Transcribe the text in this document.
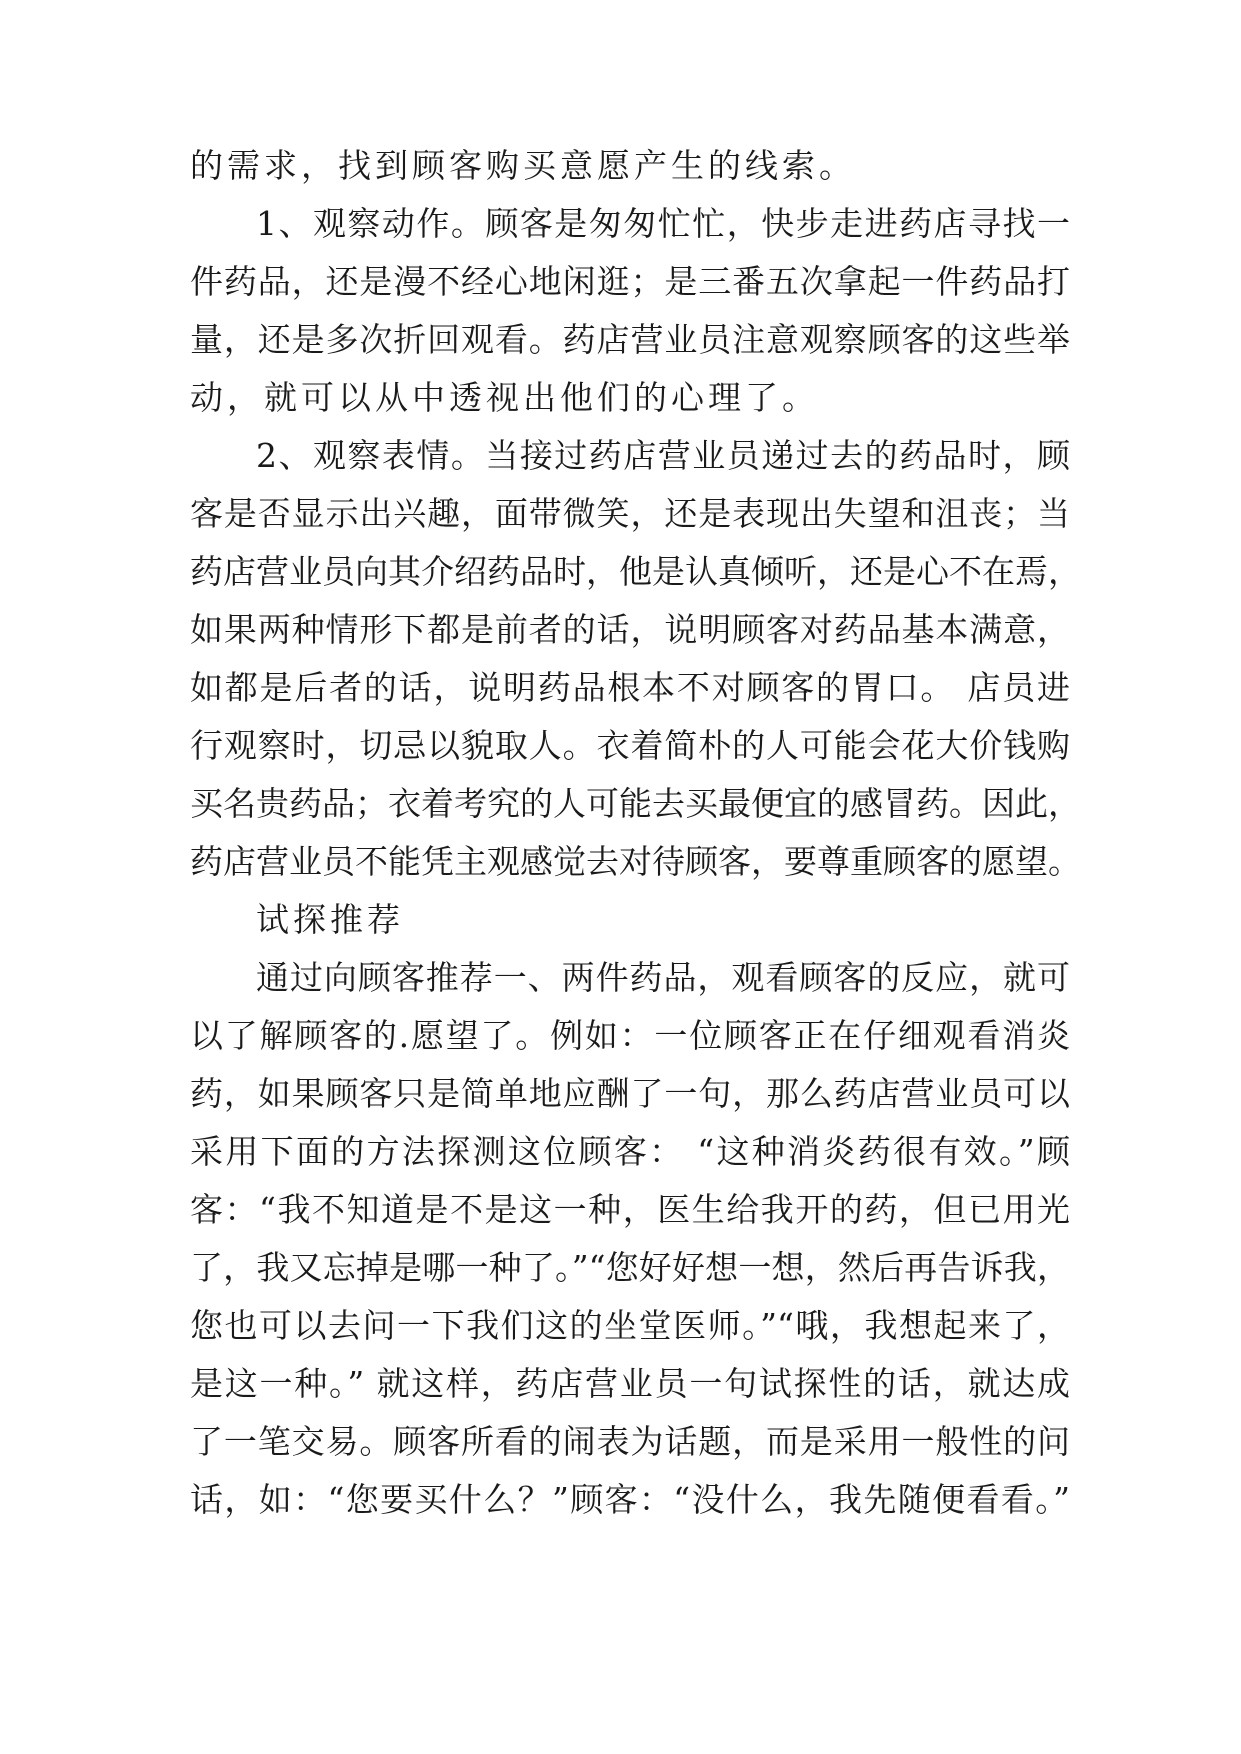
的需求，找到顾客购买意愿产生的线索。
1、观察动作。顾客是匆匆忙忙，快步走进药店寻找一
件药品，还是漫不经心地闲逛；是三番五次拿起一件药品打
量，还是多次折回观看。药店营业员注意观察顾客的这些举
动，就可以从中透视出他们的心理了。
2、观察表情。当接过药店营业员递过去的药品时，顾
客是否显示出兴趣，面带微笑，还是表现出失望和沮丧；当
药店营业员向其介绍药品时，他是认真倾听，还是心不在焉，
如果两种情形下都是前者的话，说明顾客对药品基本满意，
如都是后者的话，说明药品根本不对顾客的胃口。 店员进
行观察时，切忌以貌取人。衣着简朴的人可能会花大价钱购
买名贵药品；衣着考究的人可能去买最便宜的感冒药。因此，
药店营业员不能凭主观感觉去对待顾客，要尊重顾客的愿望。
试探推荐
通过向顾客推荐一、两件药品，观看顾客的反应，就可
以了解顾客的.愿望了。例如：一位顾客正在仔细观看消炎
药，如果顾客只是简单地应酬了一句，那么药店营业员可以
采用下面的方法探测这位顾客： “这种消炎药很有效。”顾
客：“我不知道是不是这一种，医生给我开的药，但已用光
了，我又忘掉是哪一种了。”“您好好想一想，然后再告诉我，
您也可以去问一下我们这的坐堂医师。”“哦，我想起来了，
是这一种。” 就这样，药店营业员一句试探性的话，就达成
了一笔交易。顾客所看的闹表为话题，而是采用一般性的问
话，如：“您要买什么？”顾客：“没什么，我先随便看看。”
